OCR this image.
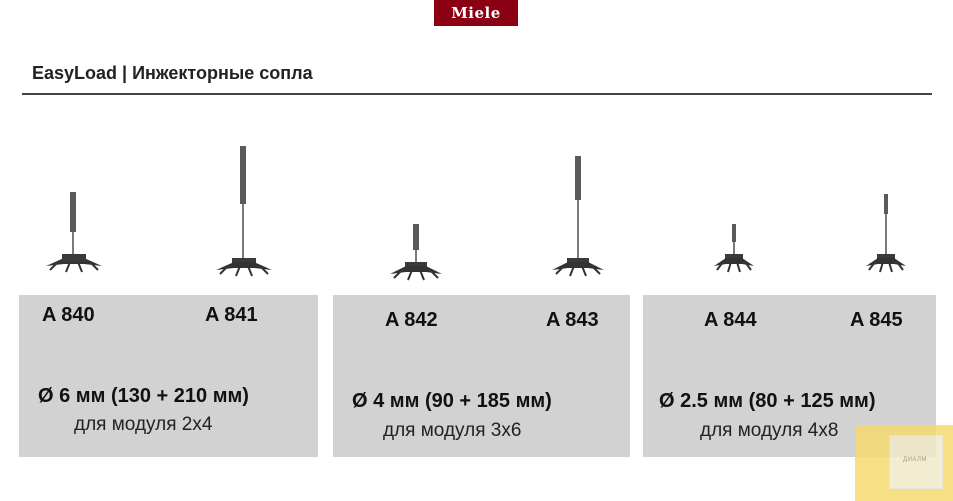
Miele
EasyLoad | Инжекторные сопла
A 840	A 841
Ø 6 мм (130 + 210 мм)
для модуля 2x4
A 842	A 843
Ø 4 мм (90 + 185 мм)
для модуля 3x6
A 844	A 845
Ø 2.5 мм (80 + 125 мм)
для модуля 4x8
ДИАЛМ
